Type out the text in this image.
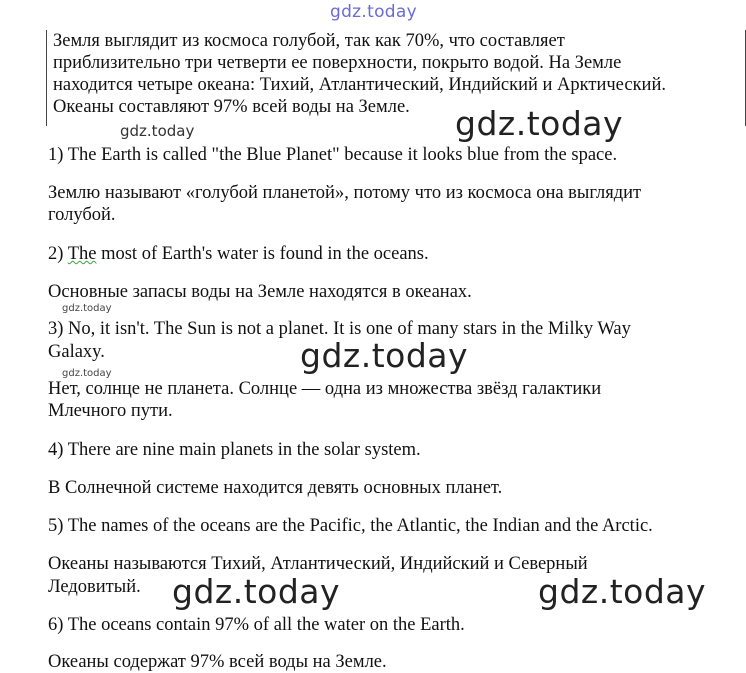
gdz.today
Земля выглядит из космоса голубой, так как 70%, что составляет
приблизительно три четверти ее поверхности, покрыто водой. На Земле
находится четыре океана: Тихий, Атлантический, Индийский и Арктический.
Океаны составляют 97% всей воды на Земле.	gdz.today
gdz.today
1) The Earth is called "the Blue Planet" because it looks blue from the space.
Землю называют «голубой планетой», потому что из космоса она выглядит
голубой.
2) The most of Earth's water is found in the oceans.
Основные запасы воды на Земле находятся в океанах.
gdz.today
3) No, it isn't. The Sun is not a planet. It is one of many stars in the Milky Way
Galaxy.	gdz.today
gdz.today
Нет, солнце не планета. Солнце — одна из множества звёзд галактики
Млечного пути.
4) There are nine main planets in the solar system.
В Солнечной системе находится девять основных планет.
5) The names of the oceans are the Pacific, the Atlantic, the Indian and the Arctic.
Океаны называются Тихий, Атлантический, Индийский и Северный
Ледовитый. gdz.today	gdz.today
6) The oceans contain 97% of all the water on the Earth.
Океаны содержат 97% всей воды на Земле.
